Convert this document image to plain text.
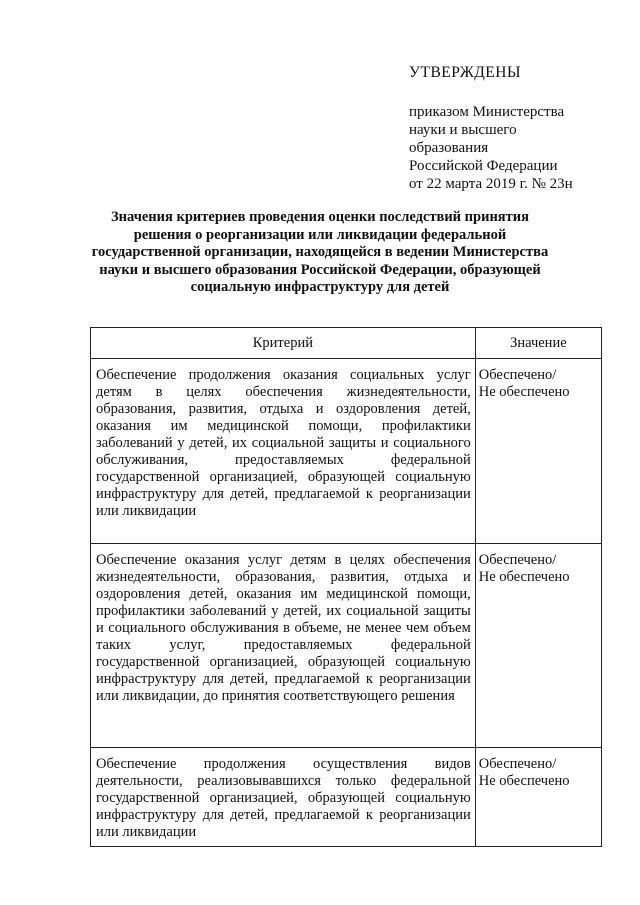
УТВЕРЖДЕНЫ
приказом Министерства
науки и высшего
образования
Российской Федерации
от 22 марта 2019 г. № 23н
Значения критериев проведения оценки последствий принятия
решения о реорганизации или ликвидации федеральной
государственной организации, находящейся в ведении Министерства
науки и высшего образования Российской Федерации, образующей
социальную инфраструктуру для детей
Критерий	Значение
Обеспечение продолжения оказания социальных услуг детям в целях обеспечения жизнедеятельности, образования, развития, отдыха и оздоровления детей, оказания им медицинской помощи, профилактики заболеваний у детей, их социальной защиты и социального обслуживания, предоставляемых федеральной государственной организацией, образующей социальную инфраструктуру для детей, предлагаемой к реорганизации или ликвидации	Обеспечено/
Не обеспечено

Обеспечение оказания услуг детям в целях обеспечения жизнедеятельности, образования, развития, отдыха и оздоровления детей, оказания им медицинской помощи, профилактики заболеваний у детей, их социальной защиты и социального обслуживания в объеме, не менее чем объем таких услуг, предоставляемых федеральной государственной организацией, образующей социальную инфраструктуру для детей, предлагаемой к реорганизации или ликвидации, до принятия соответствующего решения	Обеспечено/
Не обеспечено

Обеспечение продолжения осуществления видов деятельности, реализовывавшихся только федеральной государственной организацией, образующей социальную инфраструктуру для детей, предлагаемой к реорганизации или ликвидации	Обеспечено/
Не обеспечено
